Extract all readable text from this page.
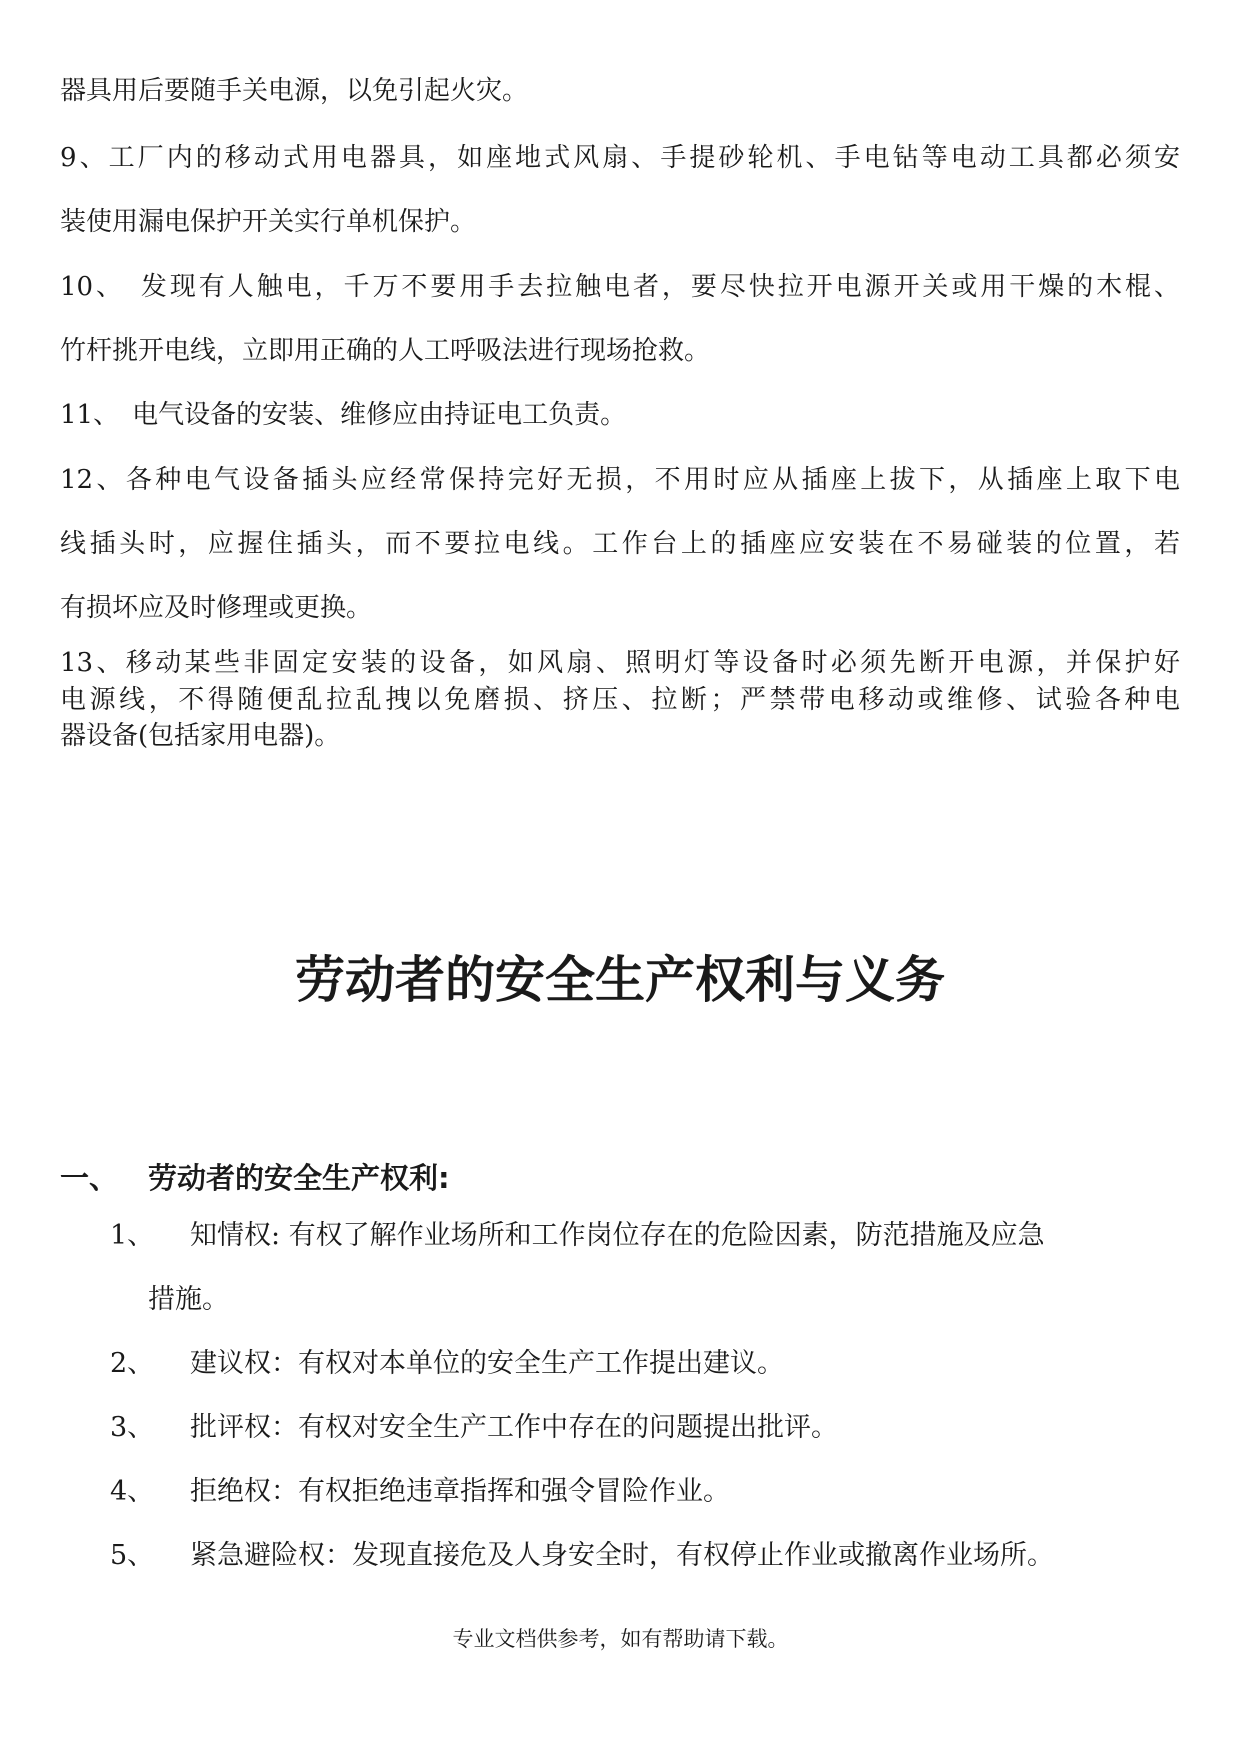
器具用后要随手关电源，以免引起火灾。
9、工厂内的移动式用电器具，如座地式风扇、手提砂轮机、手电钻等电动工具都必须安
装使用漏电保护开关实行单机保护。
10、　发现有人触电，千万不要用手去拉触电者，要尽快拉开电源开关或用干燥的木棍、
竹杆挑开电线，立即用正确的人工呼吸法进行现场抢救。
11、　电气设备的安装、维修应由持证电工负责。
12、各种电气设备插头应经常保持完好无损，不用时应从插座上拔下，从插座上取下电
线插头时，应握住插头，而不要拉电线。工作台上的插座应安装在不易碰装的位置，若
有损坏应及时修理或更换。
13、移动某些非固定安装的设备，如风扇、照明灯等设备时必须先断开电源，并保护好
电源线，不得随便乱拉乱拽以免磨损、挤压、拉断；严禁带电移动或维修、试验各种电
器设备(包括家用电器)。
劳动者的安全生产权利与义务
一、 劳动者的安全生产权利:
1、 知情权: 有权了解作业场所和工作岗位存在的危险因素，防范措施及应急
措施。
2、 建议权：有权对本单位的安全生产工作提出建议。
3、 批评权：有权对安全生产工作中存在的问题提出批评。
4、 拒绝权：有权拒绝违章指挥和强令冒险作业。
5、 紧急避险权：发现直接危及人身安全时，有权停止作业或撤离作业场所。
专业文档供参考，如有帮助请下载。
